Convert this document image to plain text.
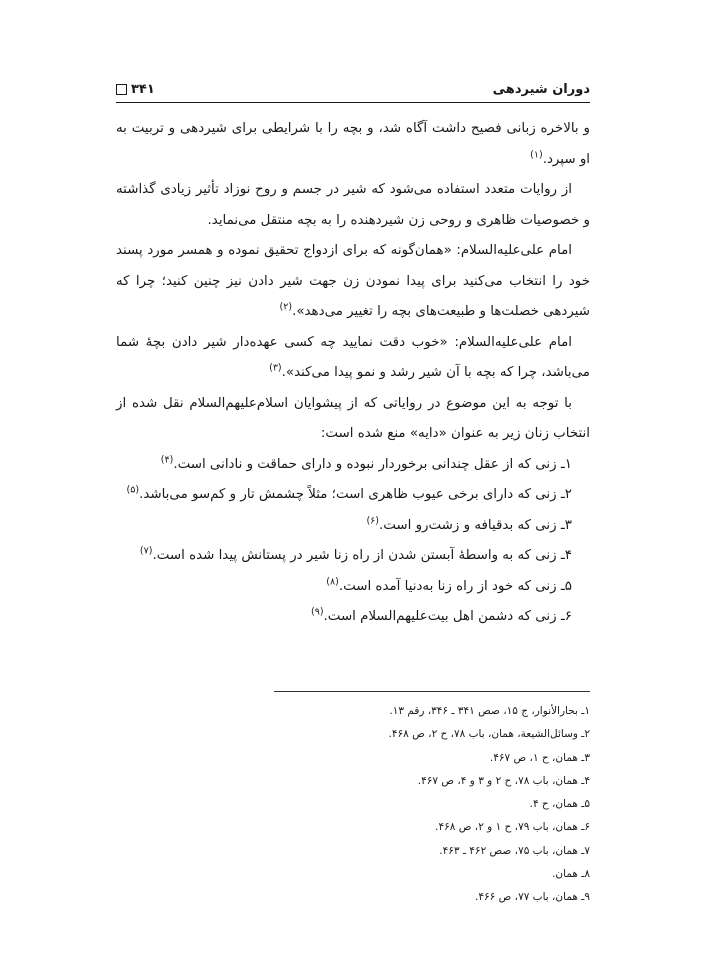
دوران شیردهی
۳۴۱

و بالاخره زبانی فصیح داشت آگاه شد، و بچه را با شرایطی برای شیردهی و تربیت به او سپرد.$^{(۱)}$

از روایات متعدد استفاده می‌شود که شیر در جسم و روح نوزاد تأثیر زیادی گذاشته و خصوصیات ظاهری و روحی زن شیردهنده را به بچه منتقل می‌نماید.

امام علی‌علیه‌السلام: «همان‌گونه که برای ازدواج تحقیق نموده و همسر مورد پسند خود را انتخاب می‌کنید برای پیدا نمودن زن جهت شیر دادن نیز چنین کنید؛ چرا که شیردهی خصلت‌ها و طبیعت‌های بچه را تغییر می‌دهد».$^{(۲)}$

امام علی‌علیه‌السلام: «خوب دقت نمایید چه کسی عهده‌دار شیر دادن بچهٔ شما می‌باشد، چرا که بچه با آن شیر رشد و نمو پیدا می‌کند».$^{(۳)}$

با توجه به این موضوع در روایاتی که از پیشوایان اسلام‌علیهم‌السلام نقل شده از انتخاب زنان زیر به عنوان «دایه» منع شده است:

۱ـ زنی که از عقل چندانی برخوردار نبوده و دارای حماقت و نادانی است.$^{(۴)}$

۲ـ زنی که دارای برخی عیوب ظاهری است؛ مثلاً چشمش تار و کم‌سو می‌باشد.$^{(۵)}$

۳ـ زنی که بدقیافه و زشت‌رو است.$^{(۶)}$

۴ـ زنی که به واسطهٔ آبستن شدن از راه زنا شیر در پستانش پیدا شده است.$^{(۷)}$

۵ـ زنی که خود از راه زنا به‌دنیا آمده است.$^{(۸)}$

۶ـ زنی که دشمن اهل بیت‌علیهم‌السلام است.$^{(۹)}$

۱ـ بحارالأنوار، ج ۱۵، صص ۳۴۱ ـ ۳۴۶، رقم ۱۳.
۲ـ وسائل‌الشیعة، همان، باب ۷۸، ح ۲، ص ۴۶۸.
۳ـ همان، ح ۱، ص ۴۶۷.
۴ـ همان، باب ۷۸، ح ۲ و ۳ و ۴، ص ۴۶۷.
۵ـ همان، ح ۴.
۶ـ همان، باب ۷۹، ح ۱ و ۲، ص ۴۶۸.
۷ـ همان، باب ۷۵، صص ۴۶۲ ـ ۴۶۳.
۸ـ همان.
۹ـ همان، باب ۷۷، ص ۴۶۶.
